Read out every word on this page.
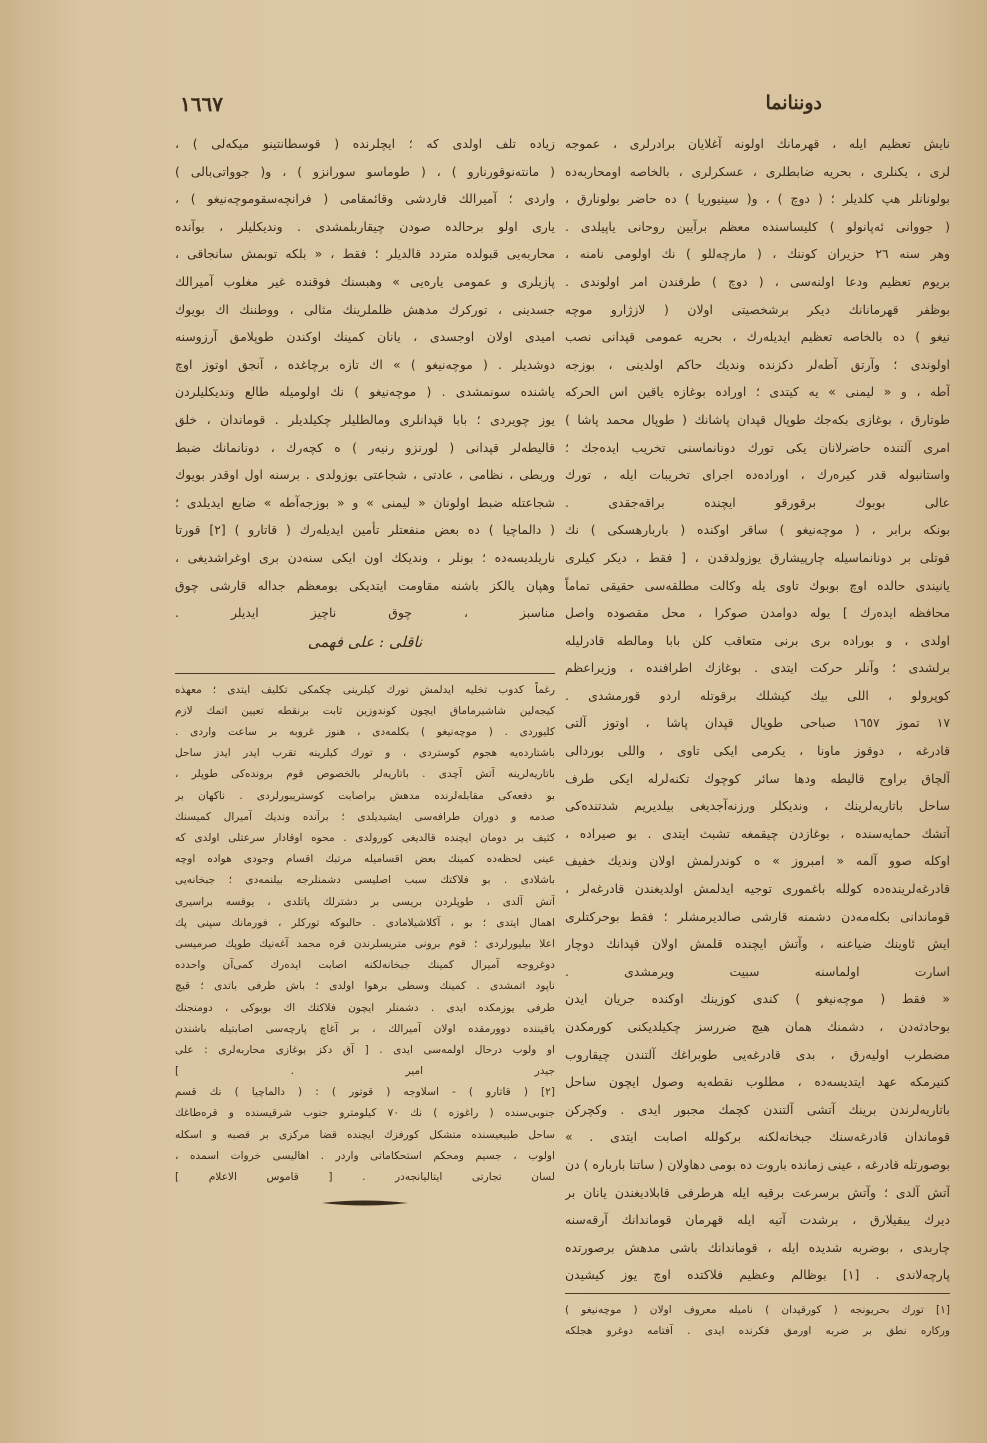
١٦٦٧	دوننانما
نایش تعظیم ایله ، قهرمانك اولونه آغلایان برادرلری ، عموجه‌
لری ، یکنلری ، بحریه ضابطلری ، عسکرلری ، بالخاصه اومحاربه‌ده
بولونانلر هپ کلدیلر ؛ ( دوچ ) ، و( سینیوریا ) ده حاضر بولونارق ،
( جووانی ئه‌پانولو ) کلیساسنده معظم برآیین روحانی یاپیلدی .
وهر سنه ٢٦ حزیران کوننك ، ( مارچه‌للو ) نك اولومی نامنه ،
بریوم تعظیم ودعا اولنه‌سی ، ( دوچ ) طرفندن امر اولوندی .
بوظفر قهرمانانك دیکر برشخصیتی اولان ( لازژارو موچه‌
نیغو ) ده بالخاصه تعظیم ایدیله‌رك ، بحریه عمومی قپدانی نصب
اولوندی ؛ وآرتق آطه‌لر دکزنده وندیك حاکم اولدینی ، بوزجه
آطه ، و « لیمنی » یه کیتدی ؛ اوراده بوغازه یاقین اس الحرکه
طوتارق ، بوغازی بکه‌جك طوپال قپدان پاشانك ( طوپال محمد پاشا )
امری آلتنده حاضرلانان یکی تورك دونانماسنی تخریب ایده‌جك ؛
واستانبوله قدر کیره‌رك ، اوراده‌ده اجرای تخریبات ایله ، تورك
عالی بوبوك برقورقو ایچنده براقه‌جقدی .
بونکه برابر ، ( موچه‌نیغو ) ساقر اوکنده ( باربارهسکی ) نك
قوتلی بر دونانماسیله چارپیشارق یوزولدقدن ، [ فقط ، دیکر کیلری
یانیندی حالده اوچ بوبوك تاوی یله وکالت مطلقه‌سی حقیقی تماماً
محافظه ایده‌رك ] یوله دوامدن صوکرا ، محل مقصوده واصل
اولدی ، و بوراده بری برنی متعاقب کلن بابا ومالطه قادرلیله
برلشدی ؛ وآنلر حرکت ایتدی . بوغازك اطرافنده ، وزیراعظم
کوپرولو ، اللی بیك کیشلك برقوتله اردو قورمشدی .
١٧ تموز ١٦٥٧ صباحی طوپال قپدان پاشا ، اوتوز آلتی
قادرغه ، دوقوز ماونا ، یکرمی ایکی تاوی ، واللی بوردالی
آلچاق براوج قالیطه ودها سائر کوچوك تکنه‌لرله ایکی طرف
ساحل باتاریه‌لرینك ، وندیکلر ورزنه‌آجدیغی بیلدیریم شدتنده‌کی
آتشك حمایه‌سنده ، بوغازدن چیقمغه تشبث ایتدی . بو صیراده ،
اوکله صوو آلمه « امبروز » ه کوندرلمش اولان وندیك خفیف
قادرغه‌لرینده‌ده کولله باغموری توجیه ایدلمش اولدیغندن قادرغه‌لر ،
قوماندانی بکله‌مه‌دن دشمنه قارشی صالدیرمشلر ؛ فقط بوحرکتلری
ایش ئاوینك ضیاعنه ، وآتش ایچنده قلمش اولان قپدانك دوچار
اسارت اولماسنه سبیت ویرمشدی .
« فقط ( موچه‌نیغو ) کندی کوزینك اوکنده جریان ایدن
بوحادثه‌دن ، دشمنك همان هیچ ضررسز چکیلدیکنی کورمکدن
مضطرب اولیه‌رق ، بدی قادرغه‌یی طوبراغك آلتندن چیقاروب
کنیرمکه عهد ایتدیسه‌ده ، مطلوب نقطه‌یه وصول ایچون ساحل
باتاریه‌لرندن برینك آتشی آلتندن کچمك مجبور ایدی . وکچرکن
قوماندان قادرغه‌سنك جبخانه‌لکنه برکولله اصابت ایتدی . »
بوصورتله قادرغه ، عینی زمانده باروت ده بومی دهاولان ( ساتنا بارباره ) دن
آتش آلدی ؛ وآتش برسرعت برقیه ایله هرطرفی قابلادیغندن یانان بر
دیرك یبقیلارق ، برشدت آتیه ایله قهرمان قوماندانك آرقه‌سنه
چاربدی ، بوضربه شدیده ایله ، قوماندانك باشی مدهش برصورتده
پارچه‌لاندی . [١] بوظالم وعظیم فلاکتده اوچ یوز کیشیدن
[١] تورك بحریونجه ( کورقپدان ) نامیله معروف اولان ( موچه‌نیغو )
ورکاره نطق بر ضربه اورمق فکرنده ایدی . آفتامه دوغرو هجلکه
زیاده تلف اولدی که ؛ ایچلرنده ( قوسطانتینو میکه‌لی ) ،
( مانته‌نوقورنارو ) ، ( طوماسو سورانزو ) ، و( جوواتی‌بالی )
واردی ؛ آمیرالك قاردشی وقائمقامی ( فرانچه‌سقوموچه‌نیغو ) ،
یاری اولو برحالده صودن چیقاربلمشدی . وندیکلیلر ، بوآنده
محاربه‌یی قبولده متردد قالدیلر ؛ فقط ، « بلکه توبمش سانجاقی ،
پازیلری و عمومی یاره‌یی » وهبسنك فوقنده غیر مغلوب آمیرالك
جسدینی ، تورکرك مدهش ظلملرینك مثالی ، ووطننك اك بویوك
امیدی اولان اوجسدی ، یانان کمینك اوکندن طوپلامق آرزوسنه
دوشدیلر . ( موچه‌نیغو ) » اك تازه برچاغده ، آنجق اوتوز اوچ
یاشنده سونمشدی . ( موچه‌نیغو ) نك اولومیله طالع وندیکلیلردن
یوز چویردی ؛ بابا قپدانلری ومالطلیلر چکیلدیلر . قوماندان ، خلق
قالیطه‌لر قپدانی ( لورنزو رنیه‌ر ) ه کچه‌رك ، دونانمانك ضبط
وربطی ، نظامی ، عادتی ، شجاعتی بوزولدی . برسنه اول اوقدر بویوك
شجاعتله ضبط اولونان « لیمنی » و « بوزجه‌آطه » ضایع ایدیلدی ؛
( دالماچیا ) ده بعض منفعتلر تأمین ایدیله‌رك ( قاتارو ) [٢] قورتا
ناریلدیسه‌ده ؛ بونلر ، وندیکك اون ایکی سنه‌دن بری اوغراشدیغی ،
وهپان یالکز باشنه مقاومت ایتدیکی بومعظم جداله قارشی چوق
مناسبز ، چوق ناچیز ایدیلر .
ناقلی : علی فهمی
رغماً کدوب تخلیه ایدلمش تورك کیلرینی چکمکی تکلیف ایتدی ؛ معهذه
کیجه‌لین شاشیرماماق ایچون کوندوزین ثابت برنقطه تعیین اتمك لازم
کلیوردی . ( موچه‌نیغو ) بکلمه‌دی ، هنوز غروبه بر ساعت واردی .
باشتارده‌یه هجوم کوستردی ، و تورك کیلرینه تقرب ایدر ایدز ساحل
باتاریه‌لرینه آتش آچدی . باتاریه‌لر بالخصوص قوم برونده‌کی طوپلر ،
بو دفعه‌کی مقابله‌لرنده مدهش براصابت کوستریبورلردی . ناکهان بر
صدمه و دوران طرافه‌سی ایشیدیلدی ؛ برآنده وندیك آمیرال کمیسنك
کثیف بر دومان ایچنده قالدیغی کورولدی . محوه اوقادار سرعتلی اولدی که
عینی لحظه‌ده کمینك بعض اقسامیله مرتبك اقسام وجودی هواده اوچه‌
باشلادی . بو فلاکتك سبب اصلیسی دشمنلرجه بیلنمه‌دی ؛ جبخانه‌یی
آتش آلدی ، طوپلردن بریسی بر دشترلك پاتلدی ، یوقسه براسیری
اهمال ایتدی ؛ بو ، آکلاشیلامادی . حالبوکه تورکلر ، فورمانك سپنی پك
اعلا بیلیورلردی ؛ قوم برونی متریسلرندن قره محمد آغه‌نیك طوپك صرمیسی
دوغروجه آمیرال کمینك جبخانه‌لکنه اصابت ایده‌رك کمی‌آن واحدده
ناپود اتمشدی . کمینك وسطی برهوا اولدی ؛ باش طرفی باتدی ؛ قیچ
طرفی یوزمکده ایدی . دشمنلر ایچون فلاکتك اك بوبوکی ، دومنجنك
یاقیننده دوورمقده اولان آمیرالك ، بر آغاچ پارچه‌سی اصابتیله باشندن
او ولوب درحال اولمه‌سی ایدی . [ آق دکز بوغازی محاربه‌لری : علی
جیدر امیر . ]
[٢] ( قاتارو ) - اسلاوجه ( قوتور ) : ( دالماچیا ) نك قسم
جنوبی‌سنده ( راغوزه ) نك ٧٠ کیلومترو جنوب شرقیسنده و قره‌طاغك
ساحل طبیعیسنده متشکل کورفزك ایچنده قضا مرکزی بر قصبه و اسکله
اولوب ، جسیم ومحکم استحکاماتی واردر . اهالیسی خروات اسمده ،
لسان تجارتی ایتالیانجه‌در . [ قاموس الاعلام ]
